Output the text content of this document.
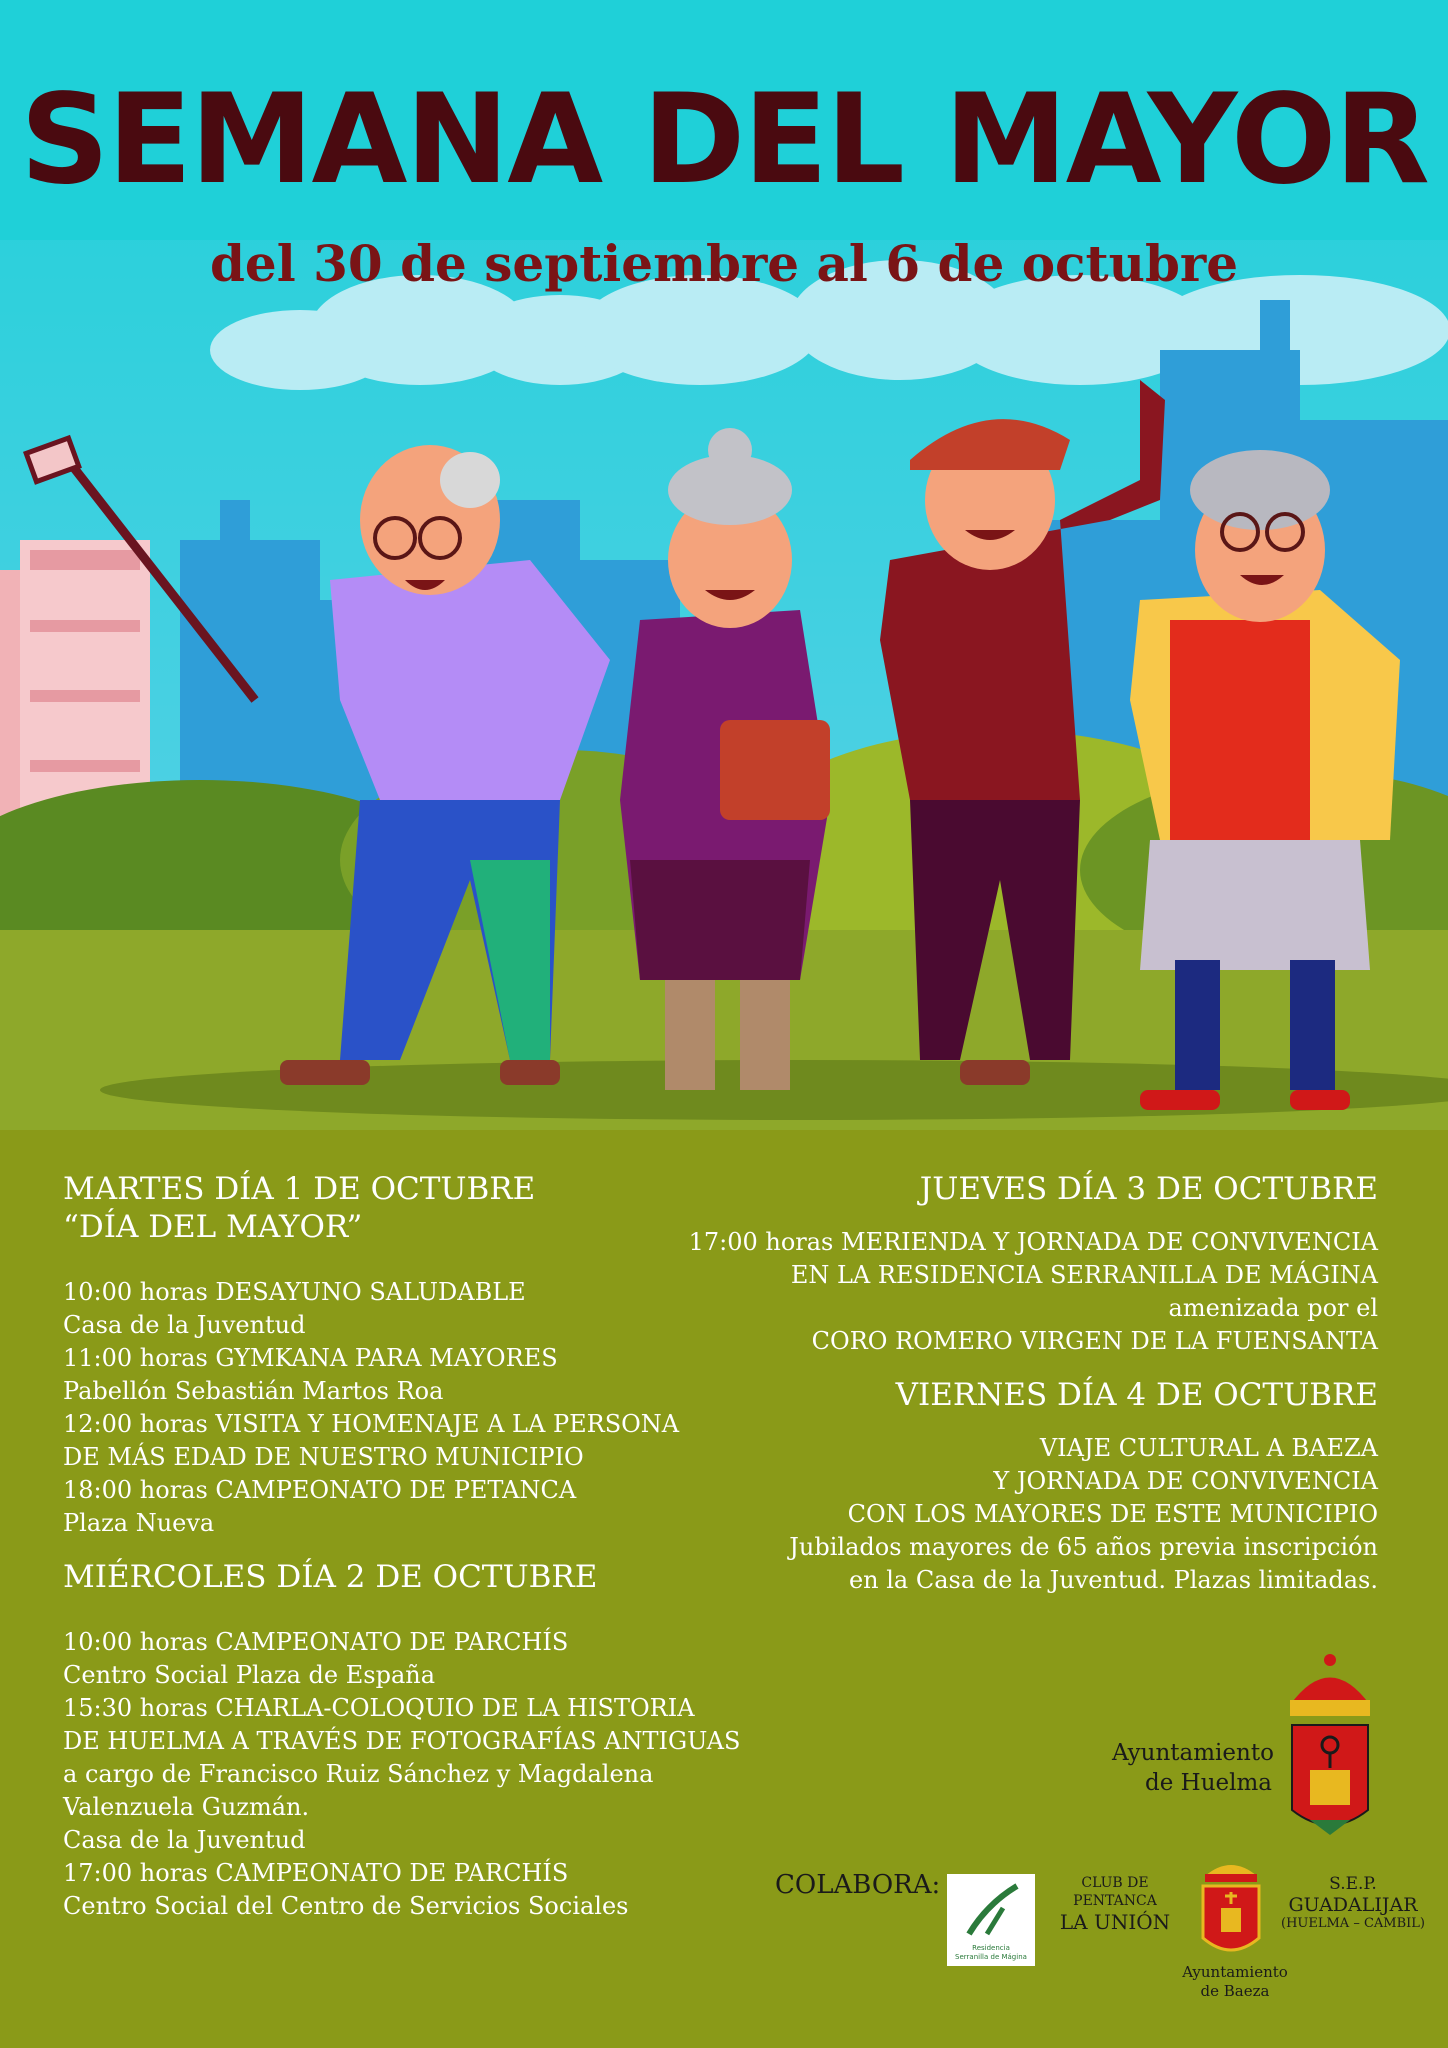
SEMANA DEL MAYOR
del 30 de septiembre al 6 de octubre
MARTES DÍA 1 DE OCTUBRE
“DÍA DEL MAYOR”
10:00 horas DESAYUNO SALUDABLE
Casa de la Juventud
11:00 horas GYMKANA PARA MAYORES
Pabellón Sebastián Martos Roa
12:00 horas VISITA Y HOMENAJE A LA PERSONA
DE MÁS EDAD DE NUESTRO MUNICIPIO
18:00 horas CAMPEONATO DE PETANCA
Plaza Nueva
MIÉRCOLES DÍA 2 DE OCTUBRE
10:00 horas CAMPEONATO DE PARCHÍS
Centro Social Plaza de España
15:30 horas CHARLA-COLOQUIO DE LA HISTORIA
DE HUELMA A TRAVÉS DE FOTOGRAFÍAS ANTIGUAS
a cargo de Francisco Ruiz Sánchez y Magdalena Valenzuela Guzmán.
Casa de la Juventud
17:00 horas CAMPEONATO DE PARCHÍS
Centro Social del Centro de Servicios Sociales
JUEVES DÍA 3 DE OCTUBRE
17:00 horas MERIENDA Y JORNADA DE CONVIVENCIA
EN LA RESIDENCIA SERRANILLA DE MÁGINA
amenizada por el
CORO ROMERO VIRGEN DE LA FUENSANTA
VIERNES DÍA 4 DE OCTUBRE
VIAJE CULTURAL A BAEZA
Y JORNADA DE CONVIVENCIA
CON LOS MAYORES DE ESTE MUNICIPIO
Jubilados mayores de 65 años previa inscripción
en la Casa de la Juventud. Plazas limitadas.
Ayuntamiento
de Huelma
COLABORA:
Residencia
Serranilla de Mágina
CLUB DE PENTANCA
LA UNIÓN
Ayuntamiento
de Baeza
S.E.P.
GUADALIJAR
(HUELMA – CAMBIL)
